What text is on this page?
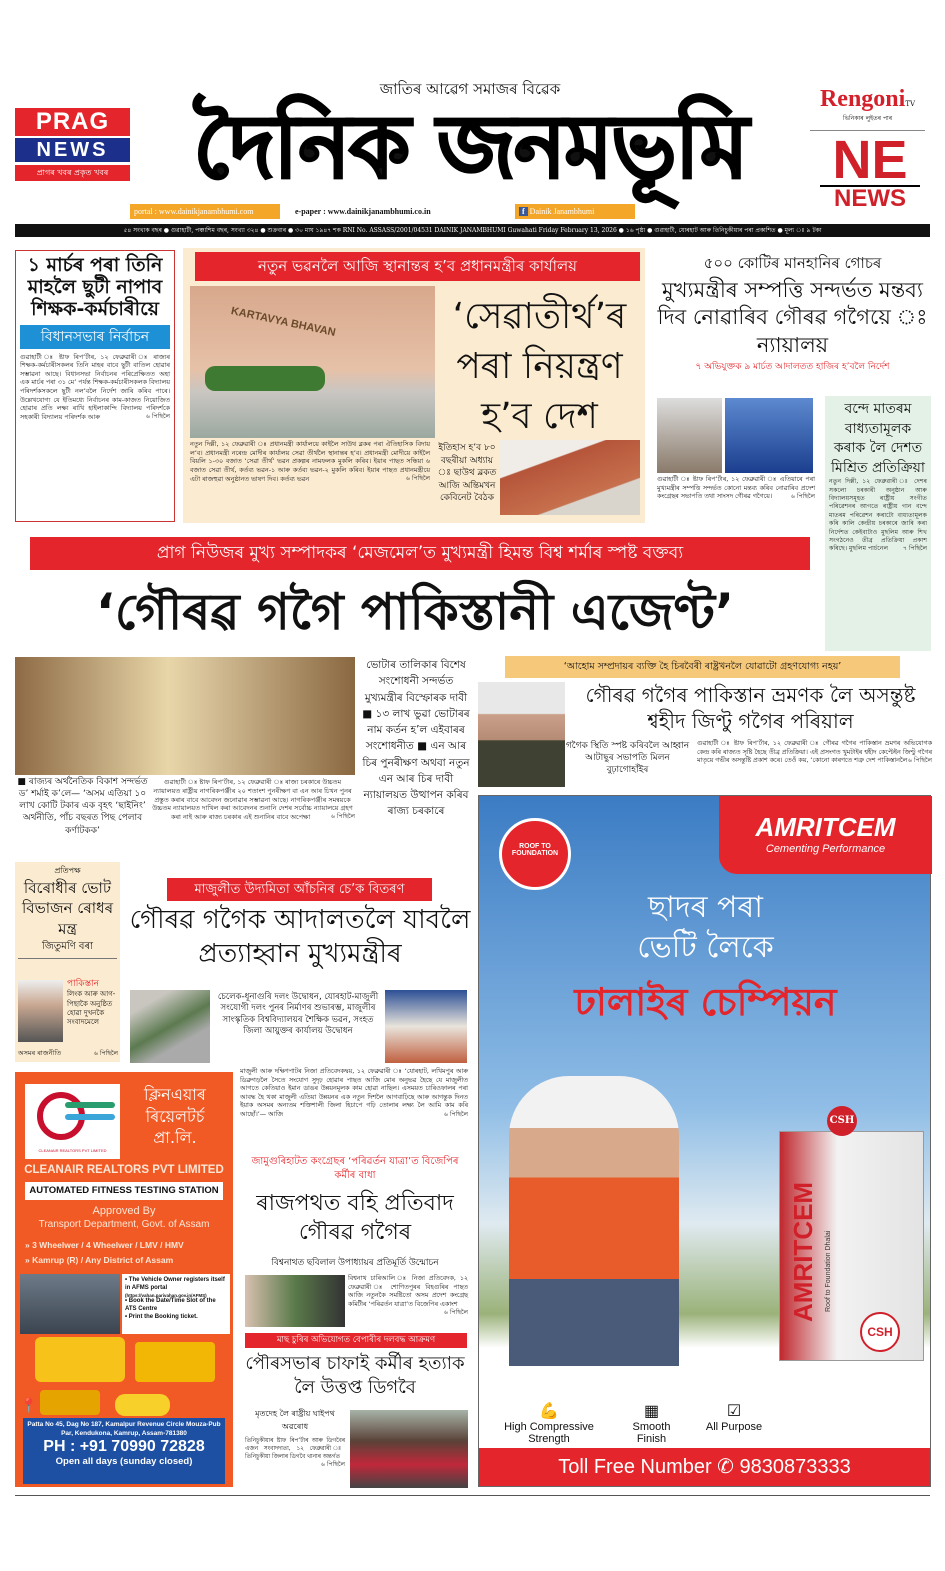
জাতিৰ আৱেগ সমাজৰ বিৱেক
PRAG
NEWS
প্ৰাগৰ খবৰ প্ৰকৃত খবৰ দৈনিক জনমভূমি	RengoniTV
ভিনিকাৰ লুইতৰ পাৰ
NE
NEWS
portal : www.dainikjanambhumi.com	e-paper : www.dainikjanambhumi.co.in	f Dainik Janambhumi
৫৪ সংখ্যক বছৰ ● গুৱাহাটী, পঞ্চাশিম বছৰ, সংখ্যা ৩২৪ ● শুক্ৰবাৰ ● ৩০ মাঘ ১৯৪৭ শক RNI No. ASSASS/2001/04531 DAINIK JANAMBHUMI Guwahati Friday February 13, 2026 ● ১৬ পৃষ্ঠা ● গুৱাহাটী, যোৰহাট আৰু তিনিচুকীয়াৰ পৰা প্ৰকাশিত ● মূল্য ঃ ৯ টকা
১ মাৰ্চৰ পৰা তিনি মাহলৈ ছুটী নাপাব শিক্ষক-কৰ্মচাৰীয়ে
বিধানসভাৰ নিৰ্বাচন
গুৱাহাটী ঃ ষ্টাফ ৰিপ’ৰ্টাৰ, ১২ ফেব্ৰুৱাৰী ঃ ৰাজ্যৰ শিক্ষক-কৰ্মচাৰীসকলৰ তিনি মাহৰ বাবে ছুটী বাতিল হোৱাৰ সম্ভাৱনা আছে। বিধানসভা নিৰ্বাচনৰ পৰিপ্ৰেক্ষিতত অহা এক মাৰ্চৰ পৰা ৩১ মে’ পৰ্যন্ত শিক্ষক-কৰ্মচাৰীসকলক বিদ্যালয় পৰিদৰ্শকসকলে ছুটী নল’বলৈ নিৰ্দেশ জাৰি কৰিব পাৰে। উল্লেখযোগ্য যে ইতিমধ্যে নিৰ্বাচনৰ কাম-কাজত নিয়োজিত হোৱাৰ প্ৰতি লক্ষ্য ৰাখি হাইলাকান্দি বিদ্যালয় পৰিদৰ্শকে সহকাৰী বিদ্যালয় পৰিদৰ্শক আৰু	৬ পিছিলৈ
নতুন ভৱনলৈ আজি স্থানান্তৰ হ’ব প্ৰধানমন্ত্ৰীৰ কাৰ্যালয়
KARTAVYA BHAVAN	‘সেৱাতীৰ্থ’ৰ পৰা নিয়ন্ত্ৰণ হ’ব দেশ
নতুন দিল্লী, ১২ ফেব্ৰুৱাৰী ঃ প্ৰধানমন্ত্ৰী কাৰ্যালয়ে কাইলৈ সাউথ ব্লকৰ পৰা ঐতিহাসিক বিদায় ল’ব। প্ৰধানমন্ত্ৰী নৰেন্দ্ৰ মোদীৰ কাৰ্যালয় সেৱা তীৰ্থলৈ স্থানান্তৰ হ’ব। প্ৰধানমন্ত্ৰী মোদীয়ে কাইলৈ বিয়লি ১-৩০ বজাত ‘সেৱা তীৰ্থ’ ভৱন প্ৰকল্পৰ নামফলক মুকলি কৰিব। ইয়াৰ পাছত সন্ধিয়া ৬ বজাত সেৱা তীৰ্থ, কৰ্তব্য ভৱন-১ আৰু কৰ্তব্য ভৱন-২ মুকলি কৰিব। ইয়াৰ পাছত প্ৰধানমন্ত্ৰীয়ে এটা ৰাজহুৱা অনুষ্ঠানত ভাষণ দিব। কৰ্তব্য ভৱন	৬ পিছিলৈ
ইতিহাস হ’ব ৮০ বছৰীয়া অধ্যায় ঃ ছাউথ ব্লকত আজি অন্তিমখন কেবিনেট বৈঠক
৫০০ কোটিৰ মানহানিৰ গোচৰ
মুখ্যমন্ত্ৰীৰ সম্পত্তি সন্দৰ্ভত মন্তব্য দিব নোৱাৰিব গৌৰৱ গগৈয়ে ঃ ন্যায়ালয়
৭ অভিযুক্তক ৯ মাৰ্চত আদালতত হাজিৰ হ’বলৈ নিৰ্দেশ
গুৱাহাটী ঃ ষ্টাফ ৰিপ’ৰ্টাৰ, ১২ ফেব্ৰুৱাৰী ঃ এতিয়াৰে পৰা মুখ্যমন্ত্ৰীৰ সম্পত্তি সন্দৰ্ভত কোনো মন্তব্য কৰিব নোৱাৰিব প্ৰদেশ কংগ্ৰেছৰ সভাপতি তথা সাংসদ গৌৰৱ গগৈয়ে।	৬ পিছিলৈ
বন্দে মাতৰম বাধ্যতামূলক কৰাক লৈ দেশত মিশ্ৰিত প্ৰতিক্ৰিয়া
নতুন দিল্লী, ১২ ফেব্ৰুৱাৰী ঃ দেশৰ সকলো চৰকাৰী অনুষ্ঠান আৰু বিদ্যালয়সমূহত ৰাষ্ট্ৰীয় সংগীত পৰিৱেশনৰ আগতে ৰাষ্ট্ৰীয় গান বন্দে মাতৰম পৰিৱেশন কৰাটো বাধ্যতামূলক কৰি কালি কেন্দ্ৰীয় চৰকাৰে জাৰি কৰা নিৰ্দেশত কেইবাটাও মুছলিম আৰু শিখ সংগঠনেও তীব্ৰ প্ৰতিক্ৰিয়া প্ৰকাশ কৰিছে। মুছলিম পাৰ্চনেল ৭ পিছিলৈ
প্ৰাগ নিউজৰ মুখ্য সম্পাদকৰ ‘মেজমেল’ত মুখ্যমন্ত্ৰী হিমন্ত বিশ্ব শৰ্মাৰ স্পষ্ট বক্তব্য
‘গৌৰৱ গগৈ পাকিস্তানী এজেণ্ট’
■ ৰাজ্যৰ অৰ্থনৈতিক বিকাশ সন্দৰ্ভত ড’ শৰ্মাই ক’লে— ‘অসম এতিয়া ১০ লাখ কোটি টকাৰ এক বৃহৎ ‘ছাইনিং’ অৰ্থনীতি, পাঁচ বছৰত পিছ পেলাব কৰ্ণাটকক’
গুৱাহাটী ঃ ষ্টাফ ৰিপ’ৰ্টাৰ, ১২ ফেব্ৰুৱাৰী ঃ ৰাজ্য চৰকাৰে উচ্চতম ন্যায়ালয়ত ৰাষ্ট্ৰীয় নাগৰিকপঞ্জীৰ ২০ শতাংশ পুনৰীক্ষণ বা এন আৰ চিখন পুনৰ প্ৰস্তুত কৰাৰ বাবে আবেদন জনোৱাৰ সম্ভাৱনা আছে। নাগৰিকপঞ্জীৰ সমন্বয়কে উচ্চতম ন্যায়ালয়ত দাখিল কৰা আবেদনৰ শুনানি দেশৰ সৰ্বোচ্চ ন্যায়ালয়ে গ্ৰহণ কৰা নাই আৰু ৰাজ্য চৰকাৰ এই শুনানিৰ বাবে অপেক্ষা	৬ পিছিলৈ
ভোটাৰ তালিকাৰ বিশেষ সংশোধনী সন্দৰ্ভত মুখ্যমন্ত্ৰীৰ বিস্ফোৰক দাবী ■ ১৩ লাখ ভুৱা ভোটাৰৰ নাম কৰ্তন হ’ল এইবাৰৰ সংশোধনীত ■ এন আৰ চিৰ পুনৰীক্ষণ অথবা নতুন এন আৰ চিৰ দাবী ন্যায়ালয়ত উত্থাপন কৰিব ৰাজ্য চৰকাৰে
‘আহোম সম্প্ৰদায়ৰ ব্যক্তি হৈ চিৰবৈৰী ৰাষ্ট্ৰখনলৈ যোৱাটো গ্ৰহণযোগ্য নহয়’
গৌৰৱ গগৈৰ পাকিস্তান ভ্ৰমণক লৈ অসন্তুষ্ট শ্বহীদ জিণ্টু গগৈৰ পৰিয়াল
গগৈক স্থিতি স্পষ্ট কৰিবলৈ আহ্বান আটাছুৰ সভাপতি মিলন বুঢ়াগোহাঁইৰ
গুৱাহাটী ঃ ষ্টাফ ৰিপ’ৰ্টাৰ, ১২ ফেব্ৰুৱাৰী ঃ গৌৰৱ গগৈৰ পাকিস্তান ভ্ৰমণৰ অভিযোগক কেন্দ্ৰ কৰি ৰাজ্যত সৃষ্টি হৈছে তীব্ৰ প্ৰতিক্ৰিয়া। এই প্ৰসংগত খুমটাইৰ শ্বহীদ কেপ্টেইন জিণ্টু গগৈৰ মাতৃয়ে গভীৰ অসন্তুষ্টি প্ৰকাশ কৰে। তেওঁ কয়, ‘কোনো কাৰণতে শত্ৰু দেশ পাকিস্তানলৈ ৬ পিছিলৈ
ROOF TO FOUNDATION
AMRITCEM
Cementing Performance
ছাদৰ পৰা
ভেটি লৈকে
ঢালাইৰ চেম্পিয়ন
AMRITCEM Roof to Foundation Dhalai
CSH
CSH
💪
High Compressive Strength
▦
Smooth Finish
☑
All Purpose
Toll Free Number ✆ 9830873333
প্ৰতিপক্ষ
বিৰোধীৰ ভোট বিভাজন ৰোধৰ মন্ত্ৰ
জিতুমণি বৰা
পাকিস্তান
লিংক আৰু আগ-পিছাকৈ অনুষ্ঠিত হোৱা দুখনকৈ সংবাদমেলে
অসমৰ ৰাজনীতি	৬ পিছিলৈ
মাজুলীত উদ্যমিতা আঁচনিৰ চে’ক বিতৰণ
গৌৰৱ গগৈক আদালতলৈ যাবলৈ প্ৰত্যাহ্বান মুখ্যমন্ত্ৰীৰ
চেলেক-ধূনাগুৰি দলং উদ্বোধন, যোৰহাট-মাজুলী সংযোগী দলং পুনৰ নিৰ্মাণৰ শুভাৰম্ভ, মাজুলীৰ সাংস্কৃতিক বিশ্ববিদ্যালয়ৰ শৈক্ষিক ভৱন, সংহত জিলা আয়ুক্তৰ কাৰ্যালয় উদ্বোধন
মাজুলী আৰু দক্ষিণপাটৰ নিজা প্ৰতিবেদকদ্বয়, ১২ ফেব্ৰুৱাৰী ঃ ‘যোৰহাট, লখিমপুৰ আৰু ডিব্ৰুগড়লৈ সৈতে সংযোগ সুদৃঢ় হোৱাৰ পাছত আজি মোৰ অনুভৱ হৈছে যে মাজুলীত আগতে কেতিয়াও ইমান ডাঙৰ উন্নয়নমূলক কাম হোৱা নাছিল। এসময়ত চাৰিওফালৰ পৰা আবদ্ধ হৈ থকা মাজুলী এতিয়া উন্নয়নৰ এক নতুন দিশলৈ আগবাঢ়িছে আৰু আগন্তুক দিনত ইয়াক অসমৰ অন্যতম শক্তিশালী জিলা হিচাপে গঢ়ি তোলাৰ লক্ষ্য লৈ আমি কাম কৰি আছোঁ।’— আজি	৬ পিছিলৈ
জামুগুৰিহাটত কংগ্ৰেছৰ ‘পৰিৱৰ্তন যাত্ৰা’ত বিজেপিৰ কৰ্মীৰ বাধা
ৰাজপথত বহি প্ৰতিবাদ গৌৰৱ গগৈৰ
বিশ্বনাথত ছবিলাল উপাধ্যায়ৰ প্ৰতিমূৰ্তি উন্মোচন
বিশ্বনাথ চাৰিআলি ঃ নিজা প্ৰতিবেদক, ১২ ফেব্ৰুৱাৰী ঃ শোণিতপুৰৰ বিহগুৰিৰ পাছত আজি নতুনকৈ সমষ্টিতো অসম প্ৰদেশ কংগ্ৰেছ কমিটীৰ ‘পৰিৱৰ্তন যাত্ৰা’ত বিজেপিৰ একাংশ
৬ পিছিলৈ
মাছ চুৰিৰ অভিযোগত বেপাৰীৰ দলবদ্ধ আক্ৰমণ
পৌৰসভাৰ চাফাই কৰ্মীৰ হত্যাক লৈ উত্তপ্ত ডিগবৈ
মৃতদেহ লৈ ৰাষ্ট্ৰীয় ঘাইপথ অৱৰোধ
তিনিচুকীয়াৰ ষ্টাফ ৰিপ’ৰ্টাৰ আৰু ডিগবৈৰ এজন সংবাদদাতা, ১২ ফেব্ৰুৱাৰী ঃ তিনিচুকীয়া জিলাৰ ডিগবৈ থানাৰ অন্তৰ্গত
৬ পিছিলৈ
CLEANAIR REALTORS PVT LIMITED
ক্লিনএয়াৰ ৰিয়েলটৰ্চ প্ৰা.লি.
CLEANAIR REALTORS PVT LIMITED
AUTOMATED FITNESS TESTING STATION
Approved By
Transport Department, Govt. of Assam
» 3 Wheelwer / 4 Wheelwer / LMV / HMV
» Kamrup (R) / Any District of Assam
• The Vehicle Owner registers itself in AFMS portal
(https://vahan.parivahan.gov.in/AFMS)
• Book the Date/Time Slot of the ATS Centre
• Print the Booking ticket.
📍
Patta No 45, Dag No 187, Kamalpur Revenue Circle Mouza-Pub Par, Kendukona, Kamrup, Assam-781380
PH : +91 70990 72828
Open all days (sunday closed)
